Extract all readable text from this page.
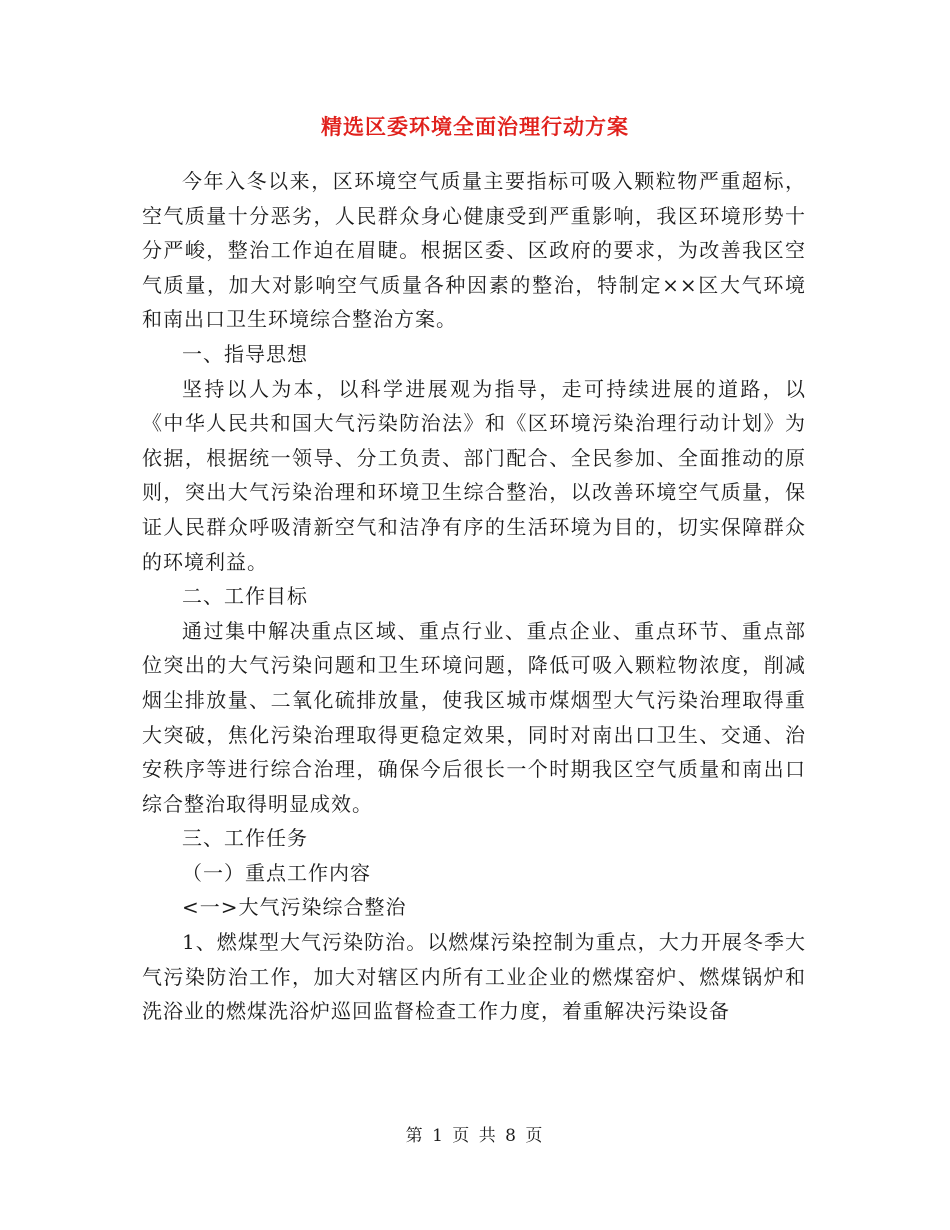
精选区委环境全面治理行动方案

今年入冬以来，区环境空气质量主要指标可吸入颗粒物严重超标，空气质量十分恶劣，人民群众身心健康受到严重影响，我区环境形势十分严峻，整治工作迫在眉睫。根据区委、区政府的要求，为改善我区空气质量，加大对影响空气质量各种因素的整治，特制定××区大气环境和南出口卫生环境综合整治方案。

一、指导思想

坚持以人为本，以科学进展观为指导，走可持续进展的道路，以《中华人民共和国大气污染防治法》和《区环境污染治理行动计划》为依据，根据统一领导、分工负责、部门配合、全民参加、全面推动的原则，突出大气污染治理和环境卫生综合整治，以改善环境空气质量，保证人民群众呼吸清新空气和洁净有序的生活环境为目的，切实保障群众的环境利益。

二、工作目标

通过集中解决重点区域、重点行业、重点企业、重点环节、重点部位突出的大气污染问题和卫生环境问题，降低可吸入颗粒物浓度，削减烟尘排放量、二氧化硫排放量，使我区城市煤烟型大气污染治理取得重大突破，焦化污染治理取得更稳定效果，同时对南出口卫生、交通、治安秩序等进行综合治理，确保今后很长一个时期我区空气质量和南出口综合整治取得明显成效。

三、工作任务

（一）重点工作内容

<一>大气污染综合整治

1、燃煤型大气污染防治。以燃煤污染控制为重点，大力开展冬季大气污染防治工作，加大对辖区内所有工业企业的燃煤窑炉、燃煤锅炉和洗浴业的燃煤洗浴炉巡回监督检查工作力度，着重解决污染设备

第 1 页 共 8 页
